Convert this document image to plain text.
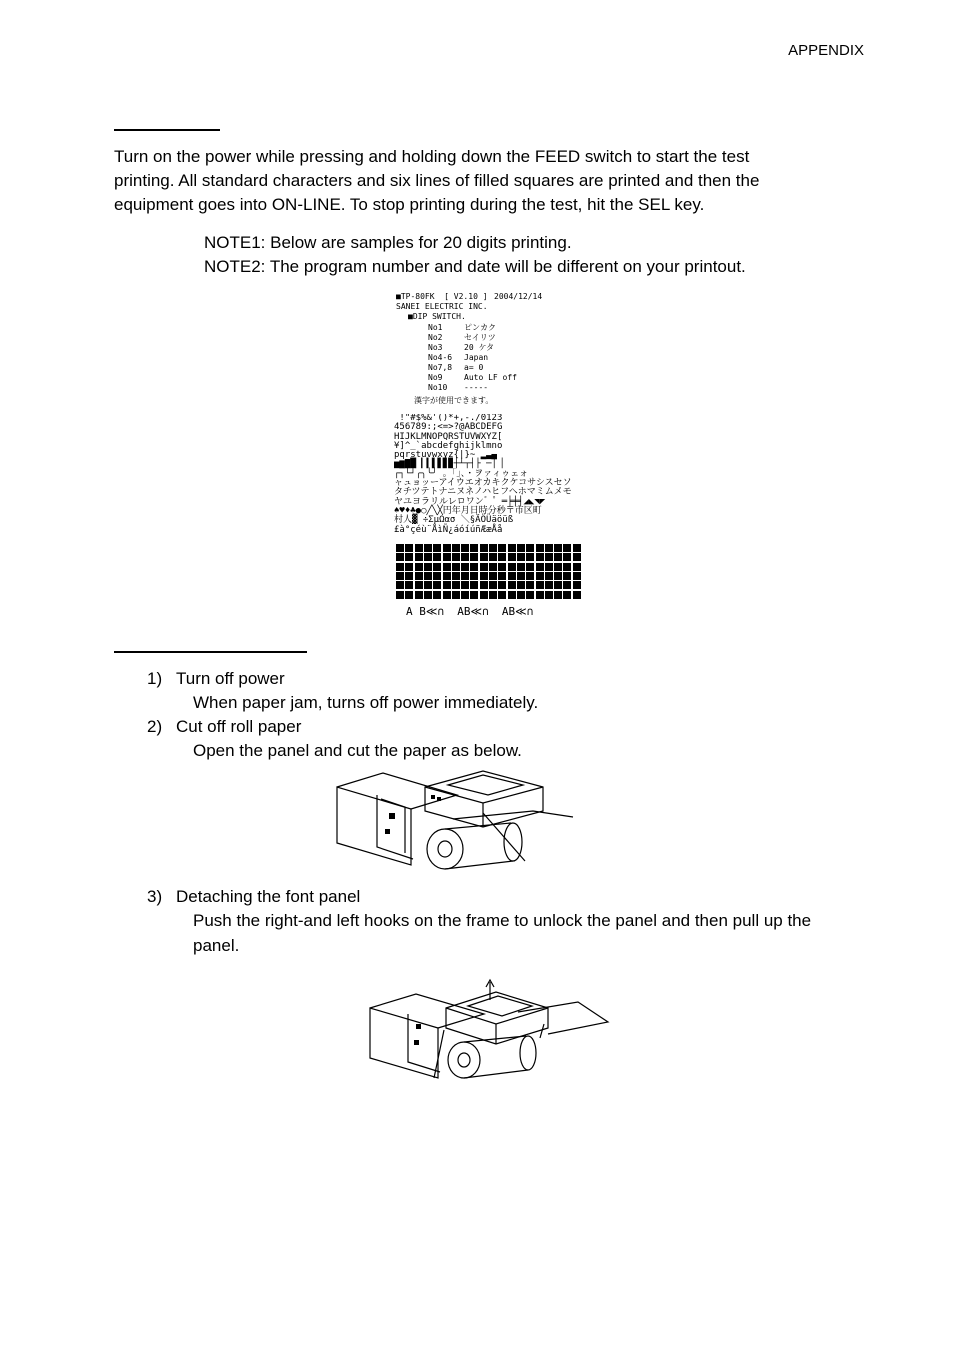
APPENDIX
Turn on the power while pressing and holding down the FEED switch to start the test
printing. All standard characters and six lines of filled squares are printed and then the
equipment goes into ON-LINE. To stop printing during the test, hit the SEL key.
NOTE1: Below are samples for 20 digits printing.
NOTE2: The program number and date will be different on your printout.
■TP-80FK  [ V2.10 ] 2004/12/14
SANEI ELECTRIC INC.
■DIP SWITCH.
No1	ピンカク
No2	セイリツ
No3	20 ケタ
No4-6 Japan
No7,8 a= 0
No9	Auto LF off
No10 -----
漢字が使用できます。
!"#$%&'()*+,-./0123
456789:;<=>?@ABCDEFG
HIJKLMNOPQRSTUVWXYZ[
¥]^_`abcdefghijklmno
pqrstuvwxyz{|}~ ▂▃▄
▅▆▇█▏▎▍▌▋▊▉┼┴┬┤├▔─│▕
┌┐└┘╭╮╰╯ 。「」、・ヲァィゥェォ
ャュョッーアイウエオカキクケコサシスセソ
タチツテトナニヌネノハヒフヘホマミムメモ
ヤユヨラリルレロワン゛゜═╞╪╡◢◣◥◤
♠♥♦♣●○╱╲╳円年月日時分秒〒市区町
村人▓ ÷ΣμΩασ ＼§ÄÖÜäöüß
£à°çéù¨ÅìÑ¿áóíúñÆæÅå
A B≪∩  AB≪∩  AB≪∩
1) Turn off power
When paper jam, turns off power immediately.
2) Cut off roll paper
Open the panel and cut the paper as below.
3) Detaching the font panel
Push the right-and left hooks on the frame to unlock the panel and then pull up the
panel.
